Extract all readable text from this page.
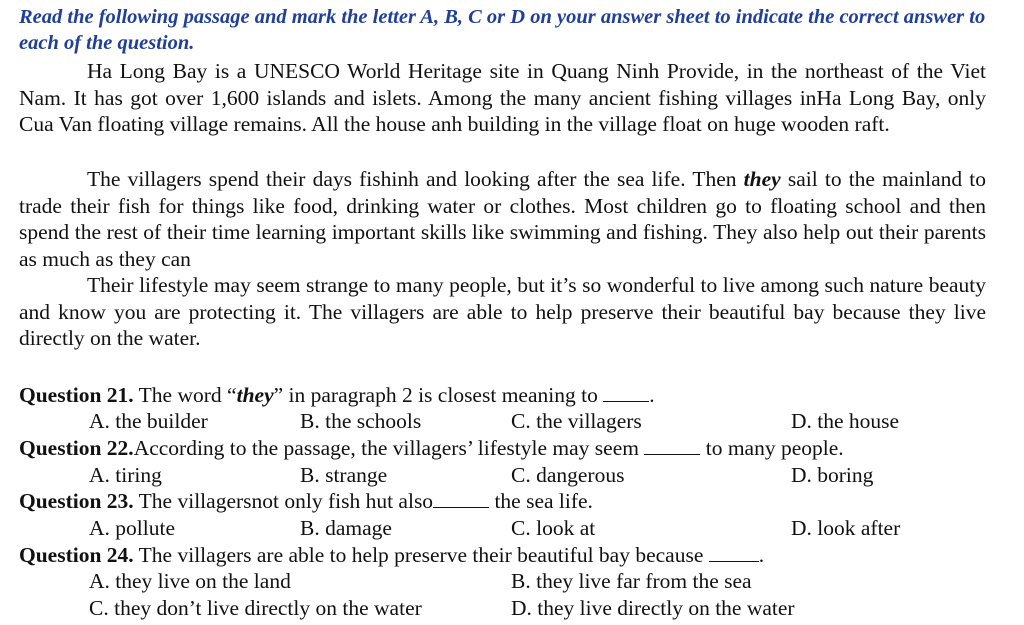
Read the following passage and mark the letter A, B, C or D on your answer sheet to indicate the correct answer to each of the question.

Ha Long Bay is a UNESCO World Heritage site in Quang Ninh Provide, in the northeast of the Viet Nam. It has got over 1,600 islands and islets. Among the many ancient fishing villages inHa Long Bay, only Cua Van floating village remains. All the house anh building in the village float on huge wooden raft.

The villagers spend their days fishinh and looking after the sea life. Then they sail to the mainland to trade their fish for things like food, drinking water or clothes. Most children go to floating school and then spend the rest of their time learning important skills like swimming and fishing. They also help out their parents as much as they can

Their lifestyle may seem strange to many people, but it’s so wonderful to live among such nature beauty and know you are protecting it. The villagers are able to help preserve their beautiful bay because they live directly on the water.

Question 21. The word “they” in paragraph 2 is closest meaning to .
A. the builder	B. the schools	C. the villagers	D. the house
Question 22.According to the passage, the villagers’ lifestyle may seem	to many people.
A. tiring	B. strange	C. dangerous	D. boring
Question 23. The villagersnot only fish hut also	the sea life.
A. pollute	B. damage	C. look at	D. look after
Question 24. The villagers are able to help preserve their beautiful bay because .
A. they live on the land	B. they live far from the sea
C. they don’t live directly on the water	D. they live directly on the water
